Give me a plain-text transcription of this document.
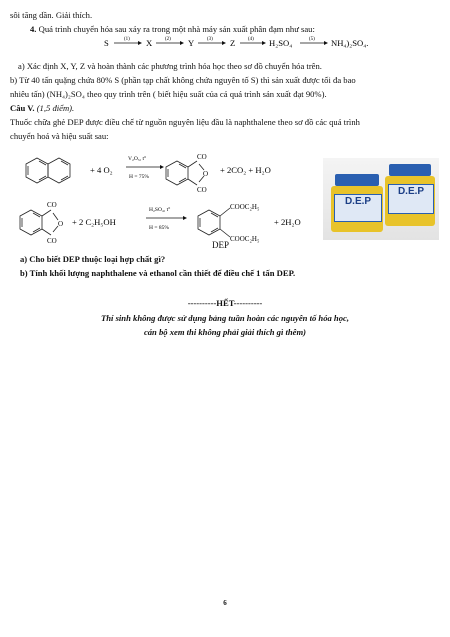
sôi tăng dần. Giải thích.
4. Quá trình chuyển hóa sau xảy ra trong một nhà máy sản xuất phân đạm như sau:
S	(1) X	(2) Y	(3) Z	(4) H₂SO₄	(5) NH₄)₂SO₄.
a) Xác định X, Y, Z và hoàn thành các phương trình hóa học theo sơ đồ chuyển hóa trên.
b) Từ 40 tấn quặng chứa 80% S (phần tạp chất không chứa nguyên tố S) thì sản xuất được tối đa bao
nhiêu tấn) (NH₄)₂SO₄ theo quy trình trên ( biết hiệu suất của cả quá trình sản xuất đạt 90%).
Câu V. (1,5 điểm).
Thuốc chữa ghẻ DEP được điều chế từ nguồn nguyên liệu đầu là naphthalene theo sơ đồ các quá trình
chuyển hoá và hiệu suất sau:
+ 4 O₂
V₂O₅, t°
H = 75%
CO
O
CO
+ 2CO₂ + H₂O
CO
O
CO
+ 2 C₂H₅OH
H₂SO₄, t°
H = 85%
COOC₂H₅
COOC₂H₅
+ 2H₂O
DEP
D.E.P
D.E.P
a) Cho biết DEP thuộc loại hợp chất gì?
b) Tính khối lượng naphthalene và ethanol cần thiết để điều chế 1 tấn DEP.
----------HẾT----------
Thí sinh không được sử dụng bảng tuần hoàn các nguyên tố hóa học,
cán bộ xem thi không phải giải thích gì thêm)
6
